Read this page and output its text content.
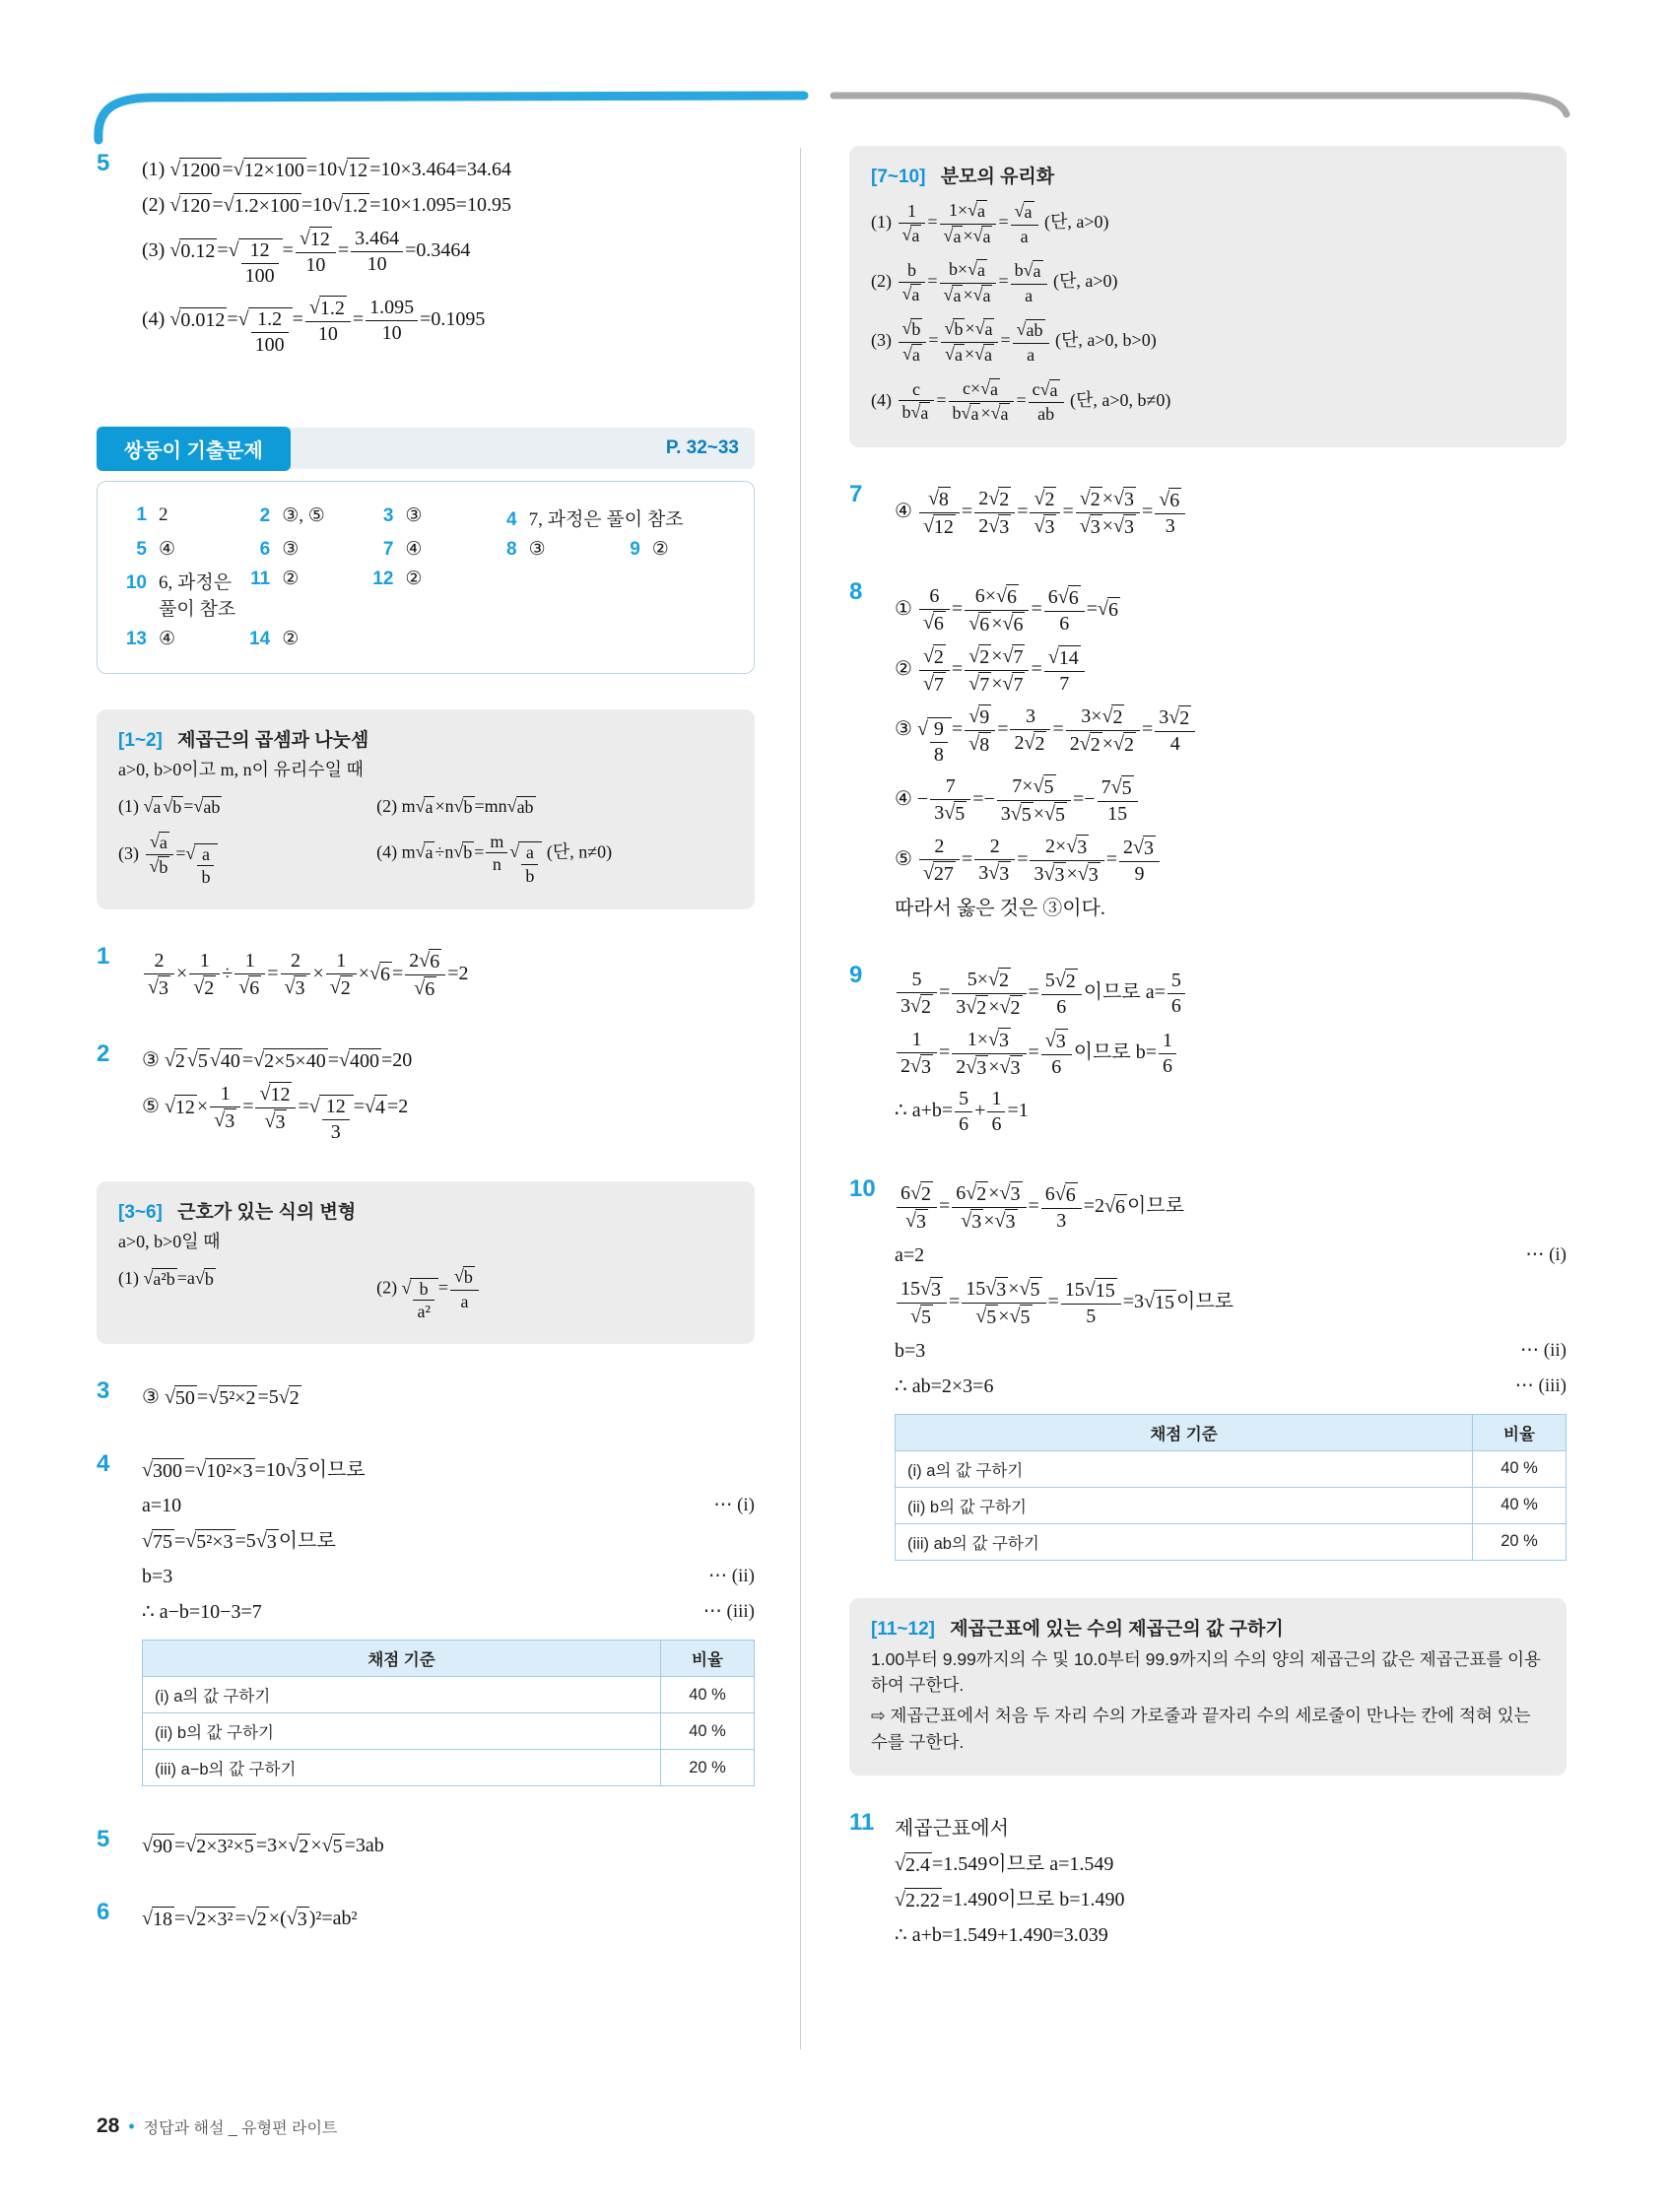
5	(1) √ 1200 = √ 12×100 =10 √ 12 =10×3.464=34.64
(2) √ 120 = √ 1.2×100 =10 √ 1.2 =10×1.095=10.95
(3) √ 0.12 = √ $\frac{12}{100} = \frac{√ 12}{10} = \frac{3.464}{10} =0.3464$
(4) √ 0.012 = √ $\frac{1.2}{100} = \frac{√ 1.2}{10} = \frac{1.095}{10} =0.1095$
쌍둥이 기출문제	P. 32~33
1 2	2 ③, ⑤	3 ③	4 7, 과정은 풀이 참조
5 ④	6 ③	7 ④	8 ③	9 ②
10 6, 과정은 풀이 참조
11 ②	12 ②
13 ④	14 ②
[1~2] 제곱근의 곱셈과 나눗셈
a>0, b>0이고 m, n이 유리수일 때
(1) √ a √ b = √ ab	(2) m √ a ×n √ b =mn √ ab
$(3) \frac{√ a}{√ b}$ = √ $\frac{a}{b}$	(4) m √ a ÷n √ $b = \frac{m}{n}$ √ $\frac{a}{b}$ (단, n≠0)
1	$\frac{2}{√ 3} \times \frac{1}{√ 2} \div \frac{1}{√ 6} = \frac{2}{√ 3} \times \frac{1}{√ 2}$ × √ $6 = \frac{2 √ 6}{√ 6} =2$
2	③ √ 2 √ 5 √ 40 = √ 2×5×40 = √ 400 =20
⑤ √ $12 \times \frac{1}{√ 3} = \frac{√ 12}{√ 3}$ = √ $\frac{12}{3}$ = √ 4 =2
[3~6] 근호가 있는 식의 변형
a>0, b>0일 때
(1) √ a²b =a √ b	(2) √ $\frac{b}{\text{a²}} = \frac{√ b}{a}$
3	③ √ 50 = √ 5²×2 =5 √ 2
4	√ 300 = √ 10²×3 =10 √ 3 이므로
a=10	⋯ (i)
√ 75 = √ 5²×3 =5 √ 3 이므로
b=3	⋯ (ii)
∴ a−b=10−3=7	⋯ (iii)
채점 기준	비율
(i) a의 값 구하기	40 %
(ii) b의 값 구하기	40 %
(iii) a−b의 값 구하기	20 %
5	√ 90 = √ 2×3²×5 =3× √ 2 × √ 5 =3ab
6	√ 18 = √ 2×3² = √ 2 ×( √ 3 )²=ab²
[7~10] 분모의 유리화
$(1) \frac{1}{√ a} = \frac{1\times √ a}{√ a \times √ a} = \frac{√ a}{a}$ (단, a>0)
$(2) \frac{b}{√ a} = \frac{b\times √ a}{√ a \times √ a} = \frac{b √ a}{a}$ (단, a>0)
$(3) \frac{√ b}{√ a} = \frac{√ b \times √ a}{√ a \times √ a} = \frac{√ ab}{a}$ (단, a>0, b>0)
$(4) \frac{c}{b √ a} = \frac{c\times √ a}{b √ a \times √ a} = \frac{c √ a}{ab}$ (단, a>0, b≠0)
7
④ $\frac{√ 8}{√ 12} = \frac{2 √ 2}{2 √ 3} = \frac{√ 2}{√ 3} = \frac{√ 2 \times √ 3}{√ 3 \times √ 3} = \frac{√ 6}{3}$
8
① $\frac{6}{√ 6} = \frac{6\times √ 6}{√ 6 \times √ 6} = \frac{6 √ 6}{6}$ = √ 6
② $\frac{√ 2}{√ 7} = \frac{√ 2 \times √ 7}{√ 7 \times √ 7} = \frac{√ 14}{7}$
③ √ $\frac{9}{8} = \frac{√ 9}{√ 8} = \frac{3}{2 √ 2} = \frac{3\times √ 2}{2 √ 2 \times √ 2} = \frac{3 √ 2}{4}$
④ − $\frac{7}{3 √ 5} =- \frac{7\times √ 5}{3 √ 5 \times √ 5} =- \frac{7 √ 5}{15}$
⑤ $\frac{2}{√ 27} = \frac{2}{3 √ 3} = \frac{2\times √ 3}{3 √ 3 \times √ 3} = \frac{2 √ 3}{9}$
따라서 옳은 것은 ③이다.
9	$\frac{5}{3 √ 2} = \frac{5\times √ 2}{3 √ 2 \times √ 2} = \frac{5 √ 2}{6}$ 이므로 $a= \frac{5}{6}$
$\frac{1}{2 √ 3} = \frac{1\times √ 3}{2 √ 3 \times √ 3} = \frac{√ 3}{6}$ 이므로 $b= \frac{1}{6}$
∴ $a+b= \frac{5}{6} + \frac{1}{6} =1$
10	$\frac{6 √ 2}{√ 3} = \frac{6 √ 2 \times √ 3}{√ 3 \times √ 3} = \frac{6 √ 6}{3} =2$ √ 6 이므로
a=2	⋯ (i)
$\frac{15 √ 3}{√ 5} = \frac{15 √ 3 \times √ 5}{√ 5 \times √ 5} = \frac{15 √ 15}{5} =3$ √ 15 이므로
b=3	⋯ (ii)
∴ ab=2×3=6	⋯ (iii)
채점 기준	비율
(i) a의 값 구하기	40 %
(ii) b의 값 구하기	40 %
(iii) ab의 값 구하기	20 %
[11~12] 제곱근표에 있는 수의 제곱근의 값 구하기
1.00부터 9.99까지의 수 및 10.0부터 99.9까지의 수의 양의 제곱근의 값은 제곱근표를 이용하여 구한다.
⇨ 제곱근표에서 처음 두 자리 수의 가로줄과 끝자리 수의 세로줄이 만나는 칸에 적혀 있는 수를 구한다.
11	제곱근표에서
√ 2.4 =1.549이므로 a=1.549
√ 2.22 =1.490이므로 b=1.490
∴ a+b=1.549+1.490=3.039
28 • 정답과 해설 _ 유형편 라이트
